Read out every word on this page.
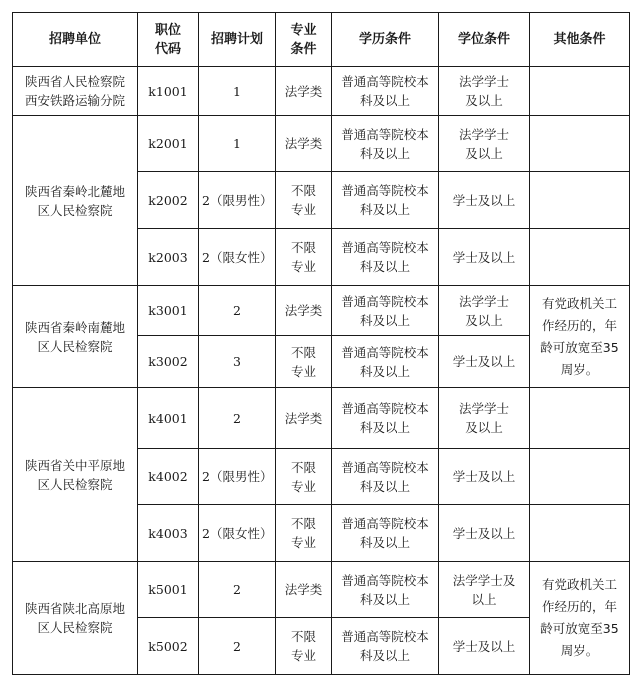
招聘单位	职位代码	招聘计划	专业条件	学历条件	学位条件	其他条件
陕西省人民检察院西安铁路运输分院	k1001	1	法学类	普通高等院校本科及以上	法学学士及以上	
陕西省秦岭北麓地区人民检察院	k2001	1	法学类	普通高等院校本科及以上	法学学士及以上	
	k2002	2（限男性）	不限专业	普通高等院校本科及以上	学士及以上	
	k2003	2（限女性）	不限专业	普通高等院校本科及以上	学士及以上	
陕西省秦岭南麓地区人民检察院	k3001	2	法学类	普通高等院校本科及以上	法学学士及以上	有党政机关工作经历的，年龄可放宽至35周岁。
	k3002	3	不限专业	普通高等院校本科及以上	学士及以上	
陕西省关中平原地区人民检察院	k4001	2	法学类	普通高等院校本科及以上	法学学士及以上	
	k4002	2（限男性）	不限专业	普通高等院校本科及以上	学士及以上	
	k4003	2（限女性）	不限专业	普通高等院校本科及以上	学士及以上	
陕西省陕北高原地区人民检察院	k5001	2	法学类	普通高等院校本科及以上	法学学士及以上	有党政机关工作经历的，年龄可放宽至35周岁。
	k5002	2	不限专业	普通高等院校本科及以上	学士及以上	
